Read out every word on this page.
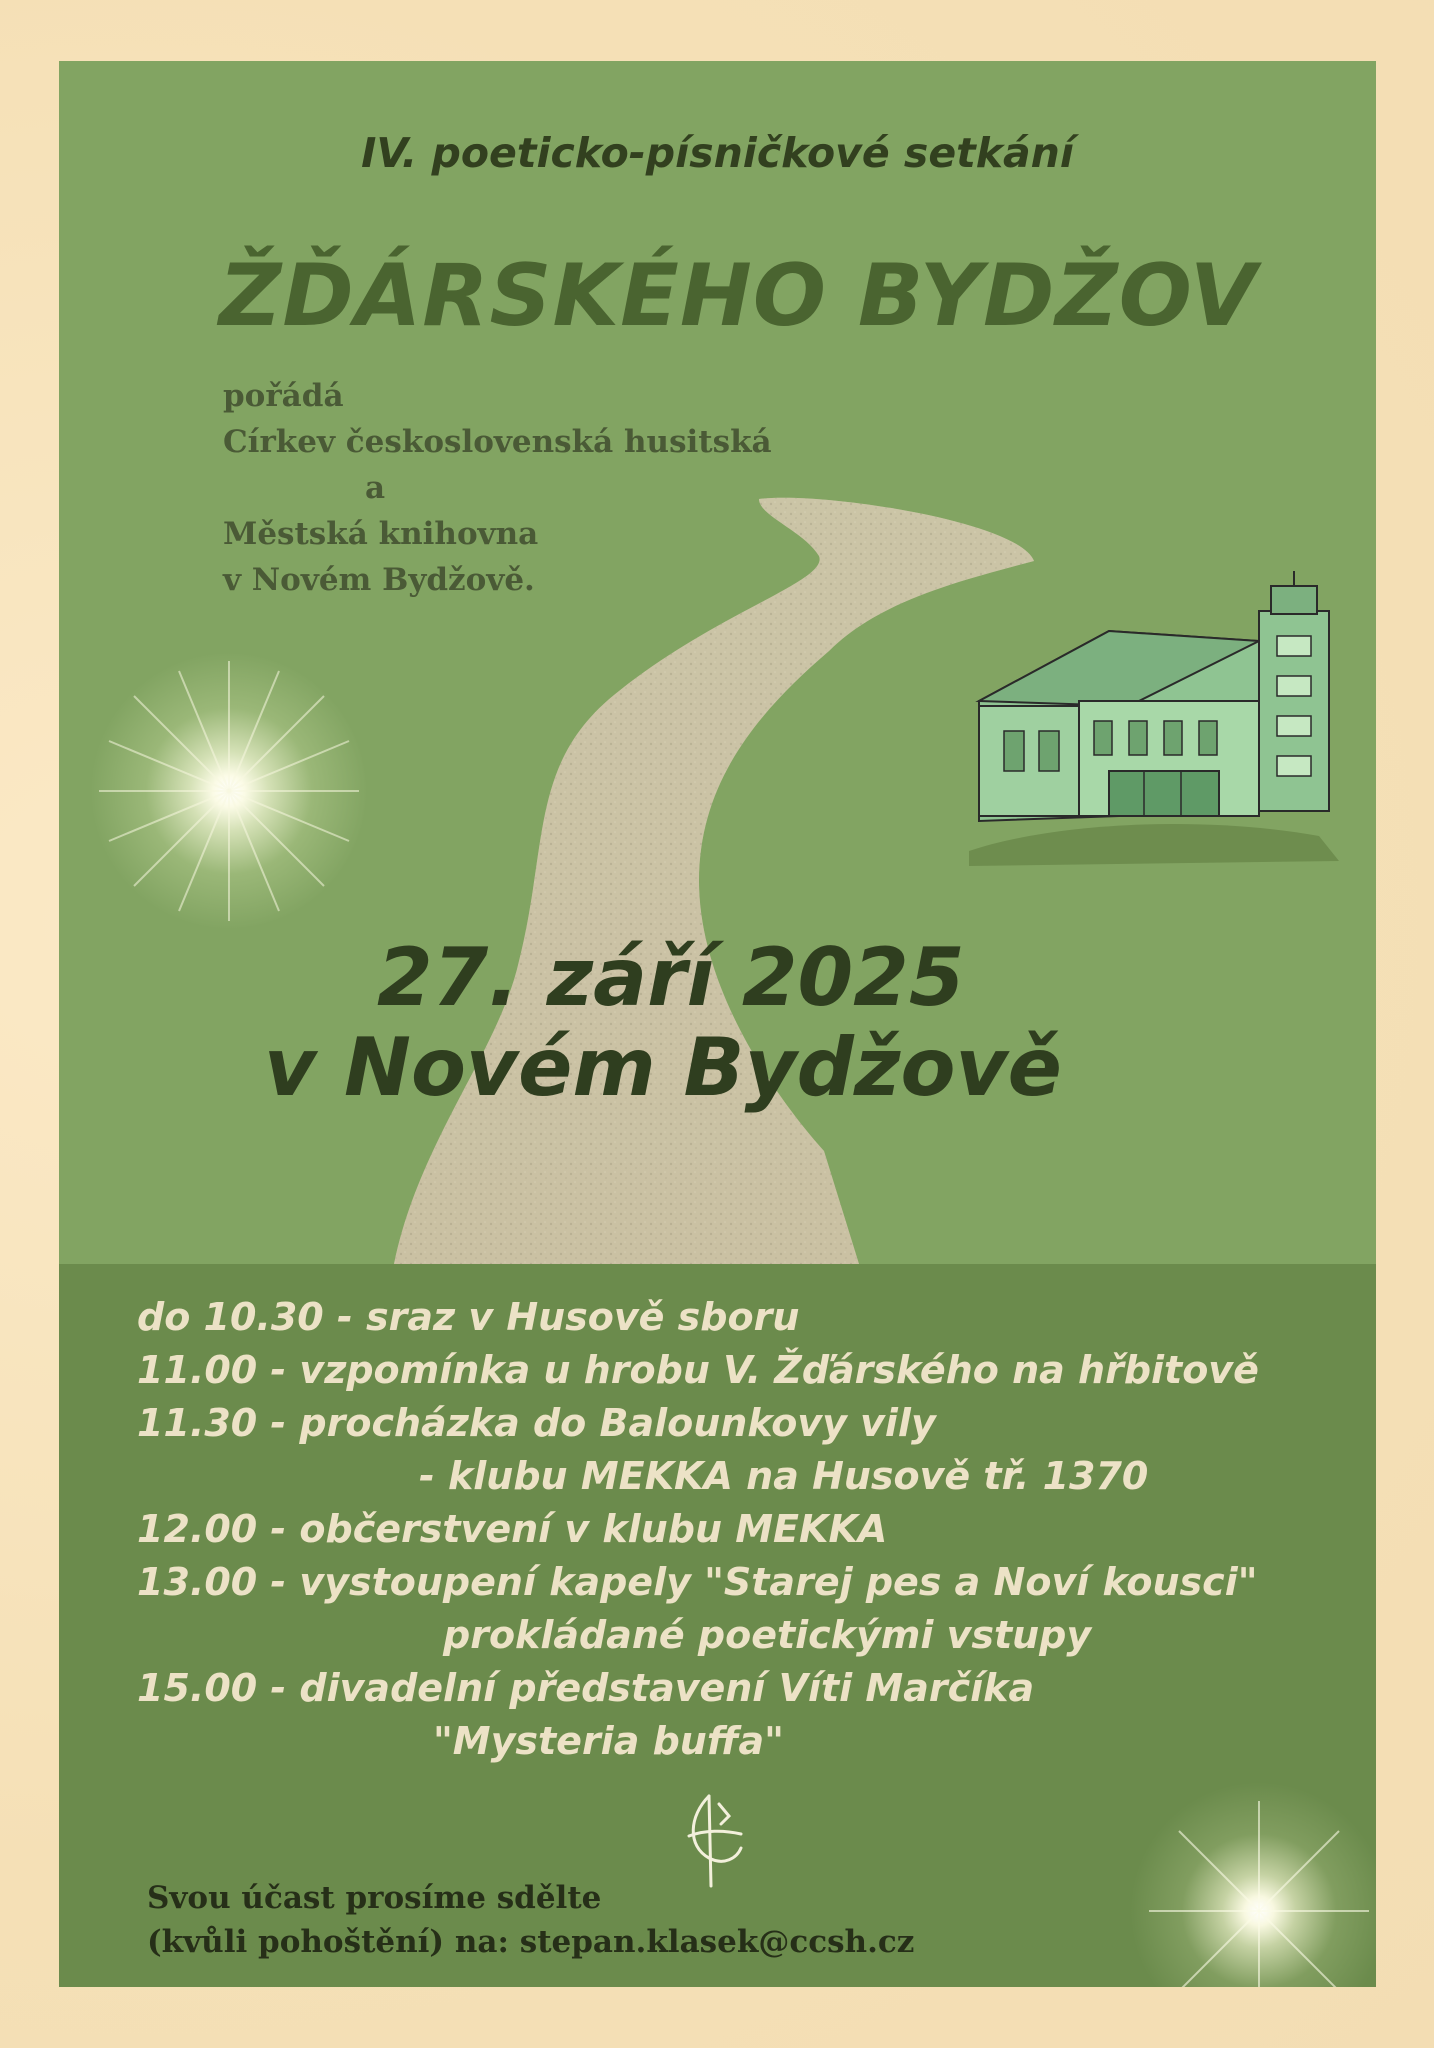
IV. poeticko-písničkové setkání
ŽĎÁRSKÉHO BYDŽOV
pořádá
Církev československá husitská
a
Městská knihovna
v Novém Bydžově.
27. září 2025
v Novém Bydžově
do 10.30 - sraz v Husově sboru
11.00 - vzpomínka u hrobu V. Žďárského na hřbitově
11.30 - procházka do Balounkovy vily
- klubu MEKKA na Husově tř. 1370
12.00 - občerstvení v klubu MEKKA
13.00 - vystoupení kapely "Starej pes a Noví kousci"
prokládané poetickými vstupy
15.00 - divadelní představení Víti Marčíka
"Mysteria buffa"
Svou účast prosíme sdělte
(kvůli pohoštění) na: stepan.klasek@ccsh.cz
